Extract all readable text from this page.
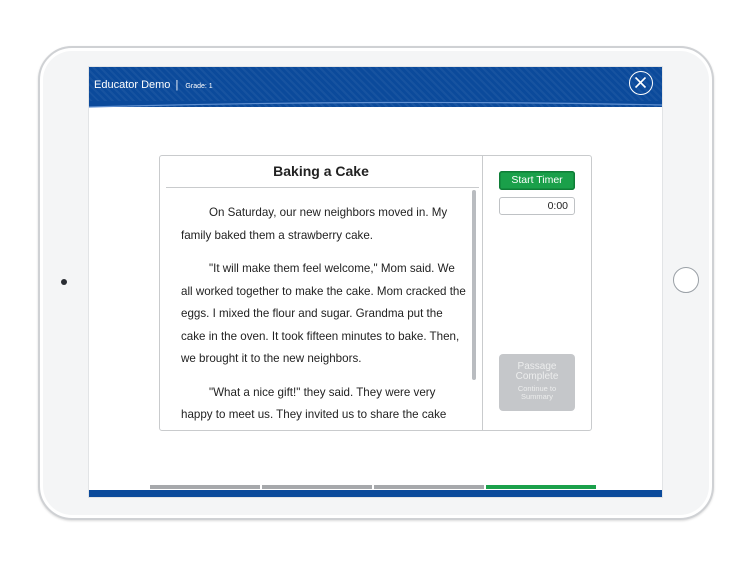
Educator Demo | Grade: 1
Baking a Cake

On Saturday, our new neighbors moved in. My family baked them a strawberry cake.

"It will make them feel welcome," Mom said. We all worked together to make the cake. Mom cracked the eggs. I mixed the flour and sugar. Grandma put the cake in the oven. It took fifteen minutes to bake. Then, we brought it to the new neighbors.

"What a nice gift!" they said. They were very happy to meet us. They invited us to share the cake

Start Timer
0:00
Passage Complete
Continue to Summary
